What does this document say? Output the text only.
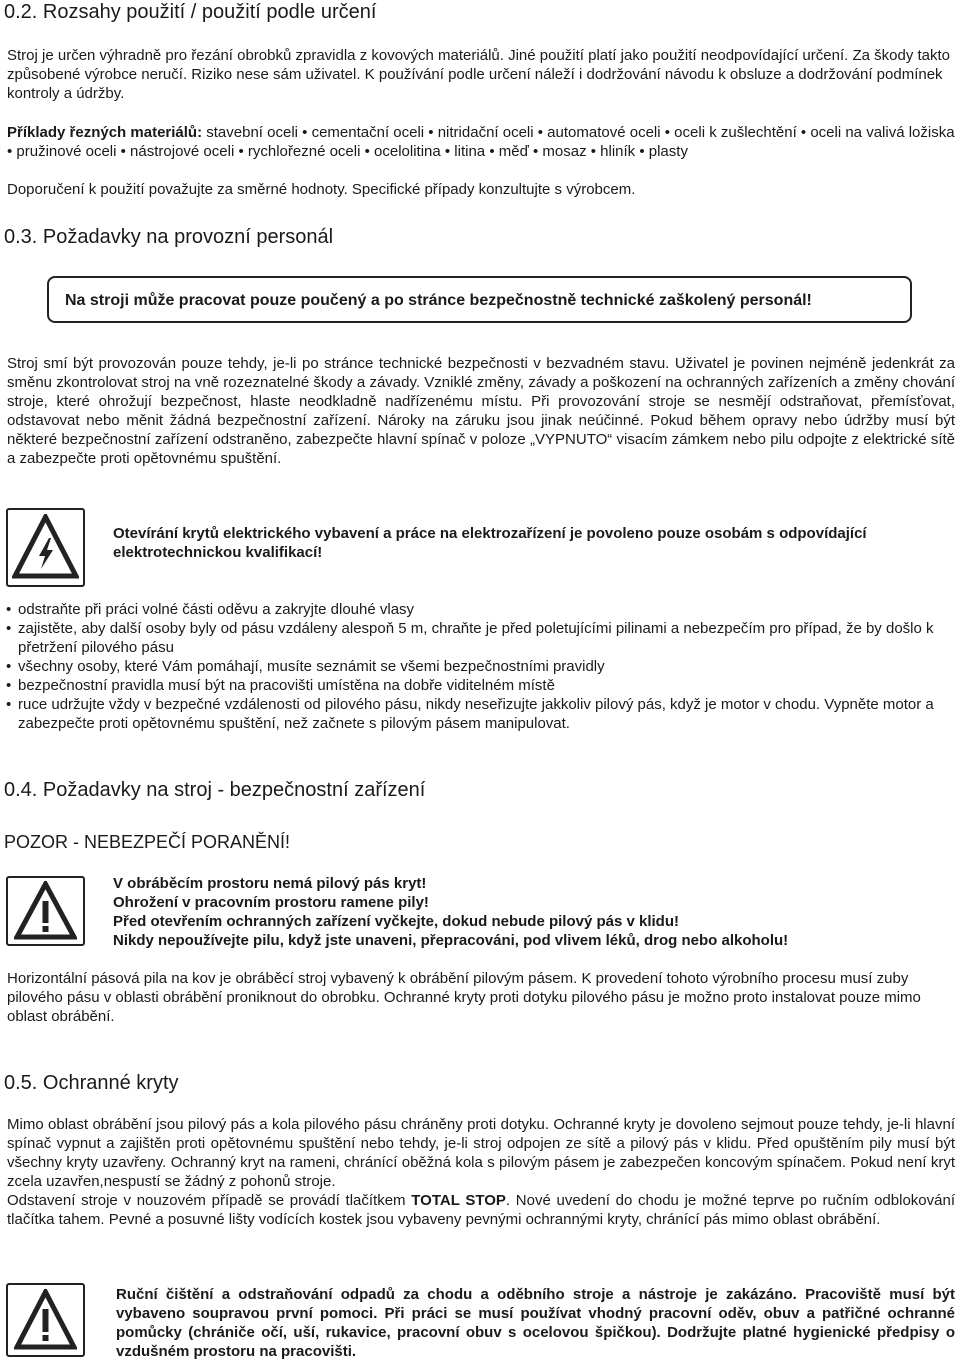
0.2. Rozsahy použití / použití podle určení

Stroj je určen výhradně pro řezání obrobků zpravidla z kovových materiálů. Jiné použití platí jako použití neodpovídající určení. Za škody takto způsobené výrobce neručí. Riziko nese sám uživatel. K používání podle určení náleží i dodržování návodu k obsluze a dodržování podmínek kontroly a údržby.

Příklady řezných materiálů: stavební oceli • cementační oceli • nitridační oceli • automatové oceli • oceli k zušlechtění • oceli na valivá ložiska • pružinové oceli • nástrojové oceli • rychlořezné oceli • ocelolitina • litina • měď • mosaz • hliník • plasty

Doporučení k použití považujte za směrné hodnoty. Specifické případy konzultujte s výrobcem.

0.3. Požadavky na provozní personál

Na stroji může pracovat pouze poučený a po stránce bezpečnostně technické zaškolený personál!

Stroj smí být provozován pouze tehdy, je-li po stránce technické bezpečnosti v bezvadném stavu. Uživatel je povinen nejméně jedenkrát za směnu zkontrolovat stroj na vně rozeznatelné škody a závady. Vzniklé změny, závady a poškození na ochranných zařízeních a změny chování stroje, které ohrožují bezpečnost, hlaste neodkladně nadřízenému místu. Při provozování stroje se nesmějí odstraňovat, přemísťovat, odstavovat nebo měnit žádná bezpečnostní zařízení. Nároky na záruku jsou jinak neúčinné. Pokud během opravy nebo údržby musí být některé bezpečnostní zařízení odstraněno, zabezpečte hlavní spínač v poloze „VYPNUTO“ visacím zámkem nebo pilu odpojte z elektrické sítě a zabezpečte proti opětovnému spuštění.

Otevírání krytů elektrického vybavení a práce na elektrozařízení je povoleno pouze osobám s odpovídající elektrotechnickou kvalifikací!

• odstraňte při práci volné části oděvu a zakryjte dlouhé vlasy
• zajistěte, aby další osoby byly od pásu vzdáleny alespoň 5 m, chraňte je před poletujícími pilinami a nebezpečím pro případ, že by došlo k přetržení pilového pásu
• všechny osoby, které Vám pomáhají, musíte seznámit se všemi bezpečnostními pravidly
• bezpečnostní pravidla musí být na pracovišti umístěna na dobře viditelném místě
• ruce udržujte vždy v bezpečné vzdálenosti od pilového pásu, nikdy neseřizujte jakkoliv pilový pás, když je motor v chodu. Vypněte motor a zabezpečte proti opětovnému spuštění, než začnete s pilovým pásem manipulovat.
0.4. Požadavky na stroj - bezpečnostní zařízení

POZOR - NEBEZPEČÍ PORANĚNÍ!

V obráběcím prostoru nemá pilový pás kryt!

Ohrožení v pracovním prostoru ramene pily!

Před otevřením ochranných zařízení vyčkejte, dokud nebude pilový pás v klidu!

Nikdy nepoužívejte pilu, když jste unaveni, přepracováni, pod vlivem léků, drog nebo alkoholu!

Horizontální pásová pila na kov je obráběcí stroj vybavený k obrábění pilovým pásem. K provedení tohoto výrobního procesu musí zuby pilového pásu v oblasti obrábění proniknout do obrobku. Ochranné kryty proti dotyku pilového pásu je možno proto instalovat pouze mimo oblast obrábění.

0.5. Ochranné kryty

Mimo oblast obrábění jsou pilový pás a kola pilového pásu chráněny proti dotyku. Ochranné kryty je dovoleno sejmout pouze tehdy, je-li hlavní spínač vypnut a zajištěn proti opětovnému spuštění nebo tehdy, je-li stroj odpojen ze sítě a pilový pás v klidu. Před opuštěním pily musí být všechny kryty uzavřeny. Ochranný kryt na rameni, chránící oběžná kola s pilovým pásem je zabezpečen koncovým spínačem. Pokud není kryt zcela uzavřen,nespustí se žádný z pohonů stroje.

Odstavení stroje v nouzovém případě se provádí tlačítkem TOTAL STOP. Nové uvedení do chodu je možné teprve po ručním odblokování tlačítka tahem. Pevné a posuvné lišty vodících kostek jsou vybaveny pevnými ochrannými kryty, chránící pás mimo oblast obrábění.

Ruční čištění a odstraňování odpadů za chodu a oděbního stroje a nástroje je zakázáno. Pracoviště musí být vybaveno soupravou první pomoci. Při práci se musí používat vhodný pracovní oděv, obuv a patřičné ochranné pomůcky (chrániče očí, uší, rukavice, pracovní obuv s ocelovou špičkou). Dodržujte platné hygienické předpisy o vzdušném prostoru na pracovišti.
